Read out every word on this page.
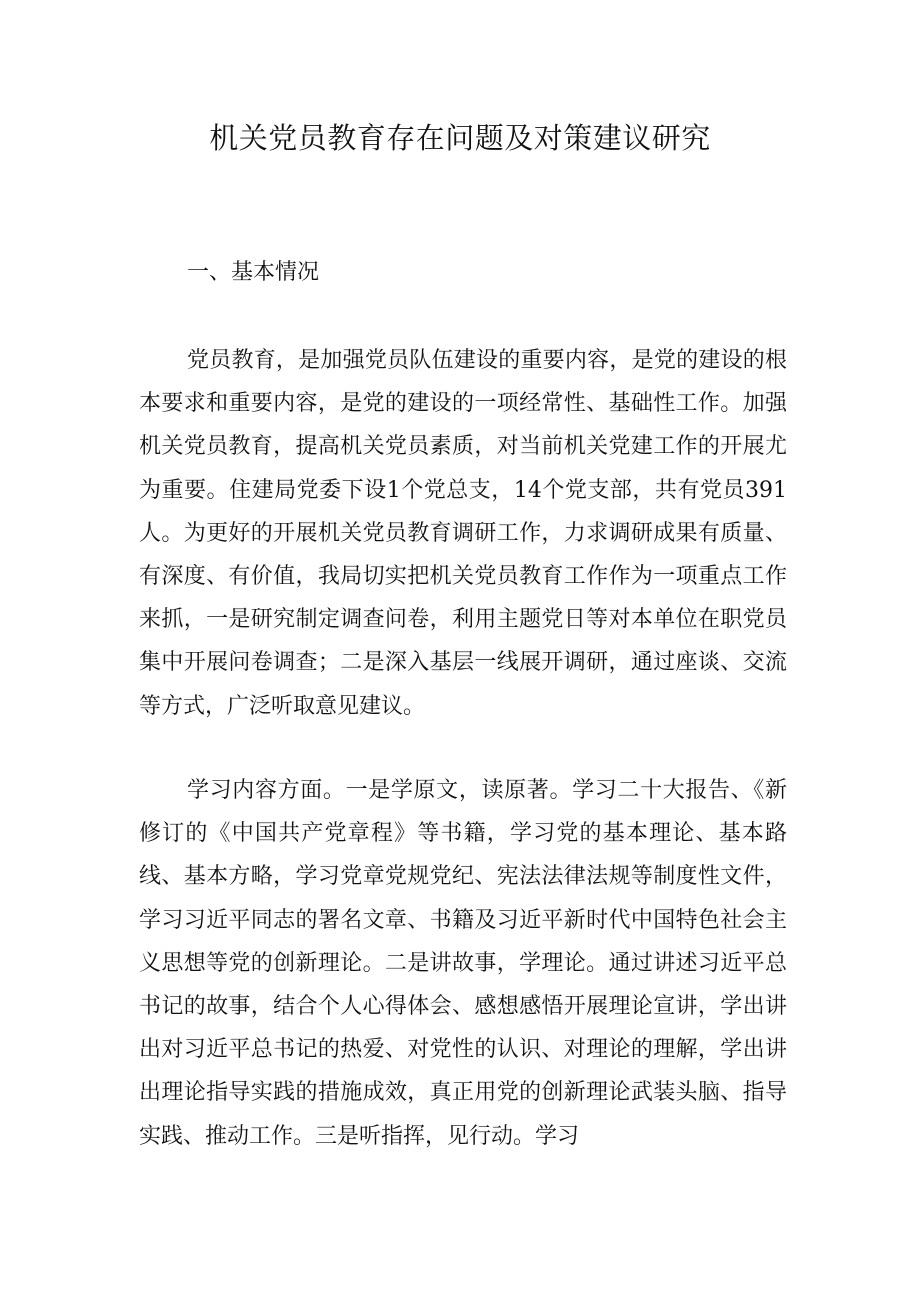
机关党员教育存在问题及对策建议研究
一、基本情况

党员教育，是加强党员队伍建设的重要内容，是党的建设的根本要求和重要内容，是党的建设的一项经常性、基础性工作。加强机关党员教育，提高机关党员素质，对当前机关党建工作的开展尤为重要。住建局党委下设1个党总支，14个党支部，共有党员391人。为更好的开展机关党员教育调研工作，力求调研成果有质量、有深度、有价值，我局切实把机关党员教育工作作为一项重点工作来抓，一是研究制定调查问卷，利用主题党日等对本单位在职党员集中开展问卷调查；二是深入基层一线展开调研，通过座谈、交流等方式，广泛听取意见建议。

学习内容方面。一是学原文，读原著。学习二十大报告、《新修订的《中国共产党章程》等书籍，学习党的基本理论、基本路线、基本方略，学习党章党规党纪、宪法法律法规等制度性文件，学习习近平同志的署名文章、书籍及习近平新时代中国特色社会主义思想等党的创新理论。二是讲故事，学理论。通过讲述习近平总书记的故事，结合个人心得体会、感想感悟开展理论宣讲，学出讲出对习近平总书记的热爱、对党性的认识、对理论的理解，学出讲出理论指导实践的措施成效，真正用党的创新理论武装头脑、指导实践、推动工作。三是听指挥，见行动。学习
